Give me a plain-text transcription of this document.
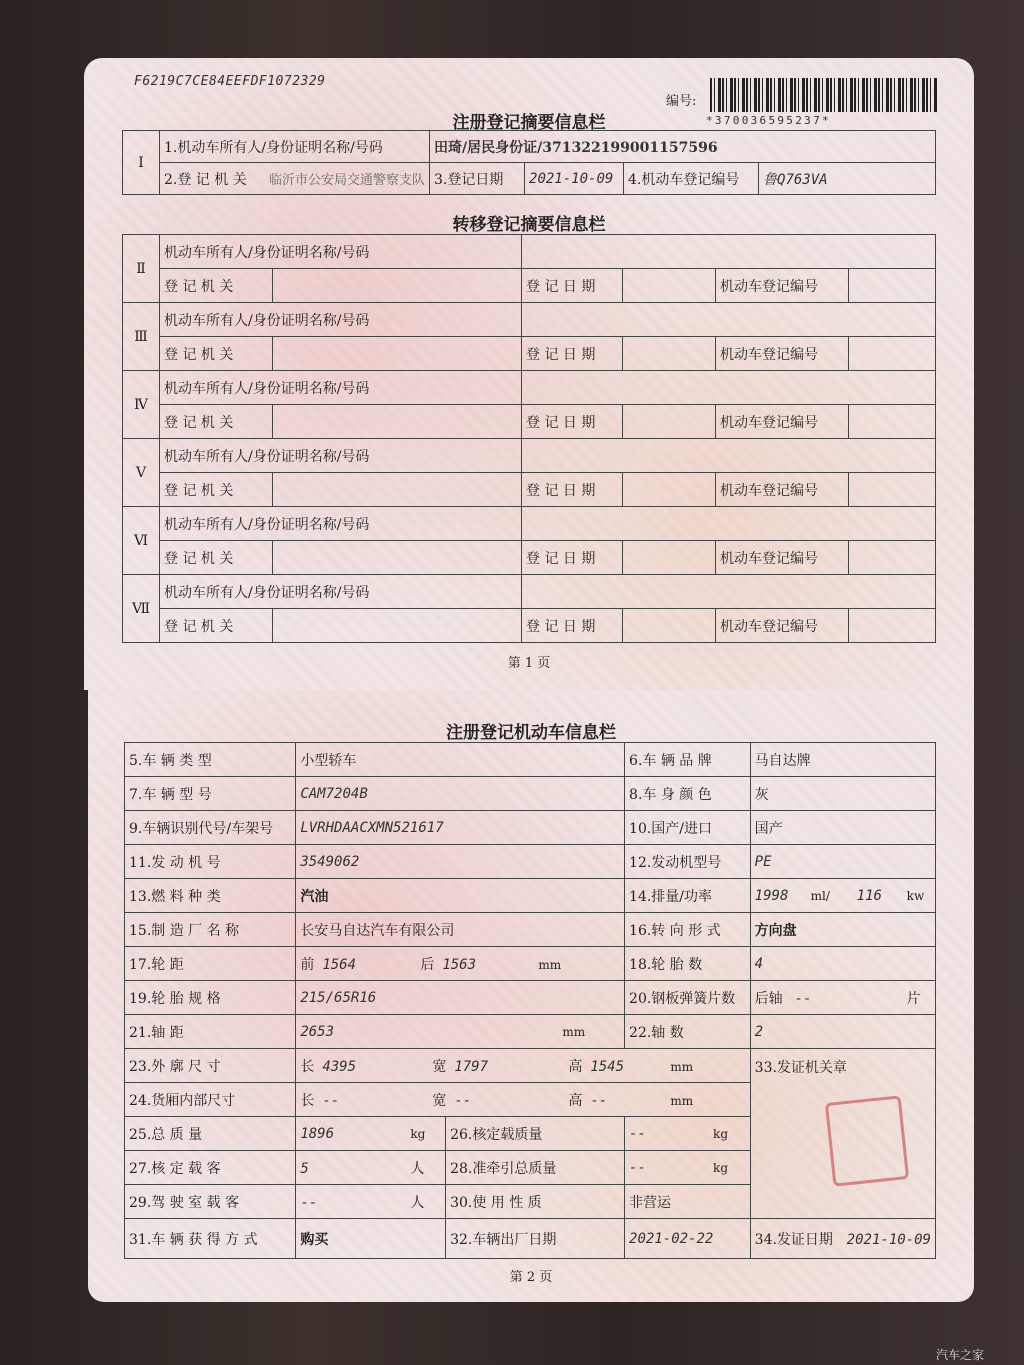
F6219C7CE84EEFDF1072329
编号:
*370036595237*
注册登记摘要信息栏
Ⅰ	1.机动车所有人/身份证明名称/号码	田琦/居民身份证/371322199001157596			
	2.登 记 机 关 临沂市公安局交通警察支队	3.登记日期	2021-10-09	4.机动车登记编号	鲁Q763VA
转移登记摘要信息栏
Ⅱ	机动车所有人/身份证明名称/号码					
	登 记 机 关		登 记 日 期		机动车登记编号	
Ⅲ	机动车所有人/身份证明名称/号码					
	登 记 机 关		登 记 日 期		机动车登记编号	
Ⅳ	机动车所有人/身份证明名称/号码					
	登 记 机 关		登 记 日 期		机动车登记编号	
Ⅴ	机动车所有人/身份证明名称/号码					
	登 记 机 关		登 记 日 期		机动车登记编号	
Ⅵ	机动车所有人/身份证明名称/号码					
	登 记 机 关		登 记 日 期		机动车登记编号	
Ⅶ	机动车所有人/身份证明名称/号码					
	登 记 机 关		登 记 日 期		机动车登记编号	
第 1 页
注册登记机动车信息栏
5.车 辆 类 型	小型轿车		6.车 辆 品 牌	马自达牌
7.车 辆 型 号	CAM7204B		8.车 身 颜 色	灰
9.车辆识别代号/车架号	LVRHDAACXMN521617		10.国产/进口	国产
11.发 动 机 号	3549062		12.发动机型号	PE
13.燃 料 种 类	汽油		14.排量/功率	1998 ml/ 116 kw
15.制 造 厂 名 称	长安马自达汽车有限公司		16.转 向 形 式	方向盘
17.轮 距	前 1564 后 1563 mm		18.轮 胎 数	4
19.轮 胎 规 格	215/65R16		20.钢板弹簧片数	后轴 -- 片
21.轴 距	2653 mm		22.轴 数	2
23.外 廓 尺 寸	长 4395 宽 1797 高 1545 mm			33.发证机关章

24.货厢内部尺寸	长 -- 宽 -- 高 -- mm			
25.总 质 量	1896 kg	26.核定载质量	-- kg	
27.核 定 载 客	5 人	28.准牵引总质量	-- kg	
29.驾 驶 室 载 客	-- 人	30.使 用 性 质	非营运	
31.车 辆 获 得 方 式	购买	32.车辆出厂日期	2021-02-22	34.发证日期 2021-10-09
第 2 页
汽车之家
